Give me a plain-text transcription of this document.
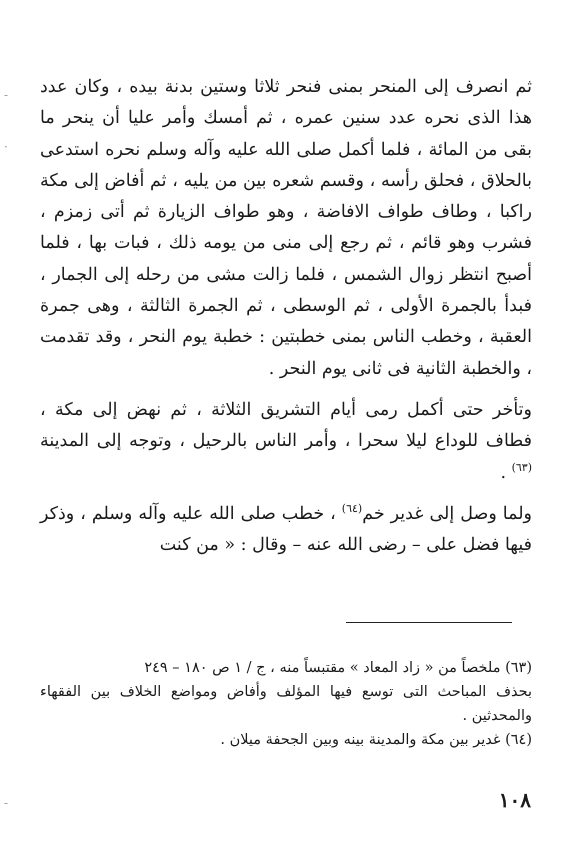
-
·
-

ثم انصرف إلى المنحر بمنى فنحر ثلاثا وستين بدنة بيده ، وكان عدد هذا الذى نحره عدد سنين عمره ، ثم أمسك وأمر عليا أن ينحر ما بقى من المائة ، فلما أكمل صلى الله عليه وآله وسلم نحره استدعى بالحلاق ، فحلق رأسه ، وقسم شعره بين من يليه ، ثم أفاض إلى مكة راكبا ، وطاف طواف الافاضة ، وهو طواف الزيارة ثم أتى زمزم ، فشرب وهو قائم ، ثم رجع إلى منى من يومه ذلك ، فبات بها ، فلما أصبح انتظر زوال الشمس ، فلما زالت مشى من رحله إلى الجمار ، فبدأ بالجمرة الأولى ، ثم الوسطى ، ثم الجمرة الثالثة ، وهى جمرة العقبة ، وخطب الناس بمنى خطبتين : خطبة يوم النحر ، وقد تقدمت ، والخطبة الثانية فى ثانى يوم النحر .

وتأخر حتى أكمل رمى أيام التشريق الثلاثة ، ثم نهض إلى مكة ، فطاف للوداع ليلا سحرا ، وأمر الناس بالرحيل ، وتوجه إلى المدينة $^{(٦٣)}$ .

ولما وصل إلى غدير خم$^{(٦٤)}$ ، خطب صلى الله عليه وآله وسلم ، وذكر فيها فضل على – رضى الله عنه – وقال : « من كنت

(٦٣) ملخصاً من « زاد المعاد » مقتبساً منه ، ج / ١ ص ١٨٠ – ٢٤٩

بحذف المباحث التى توسع فيها المؤلف وأفاض ومواضع الخلاف بين الفقهاء والمحدثين .

(٦٤) غدير بين مكة والمدينة بينه وبين الجحفة ميلان .

١٠٨
